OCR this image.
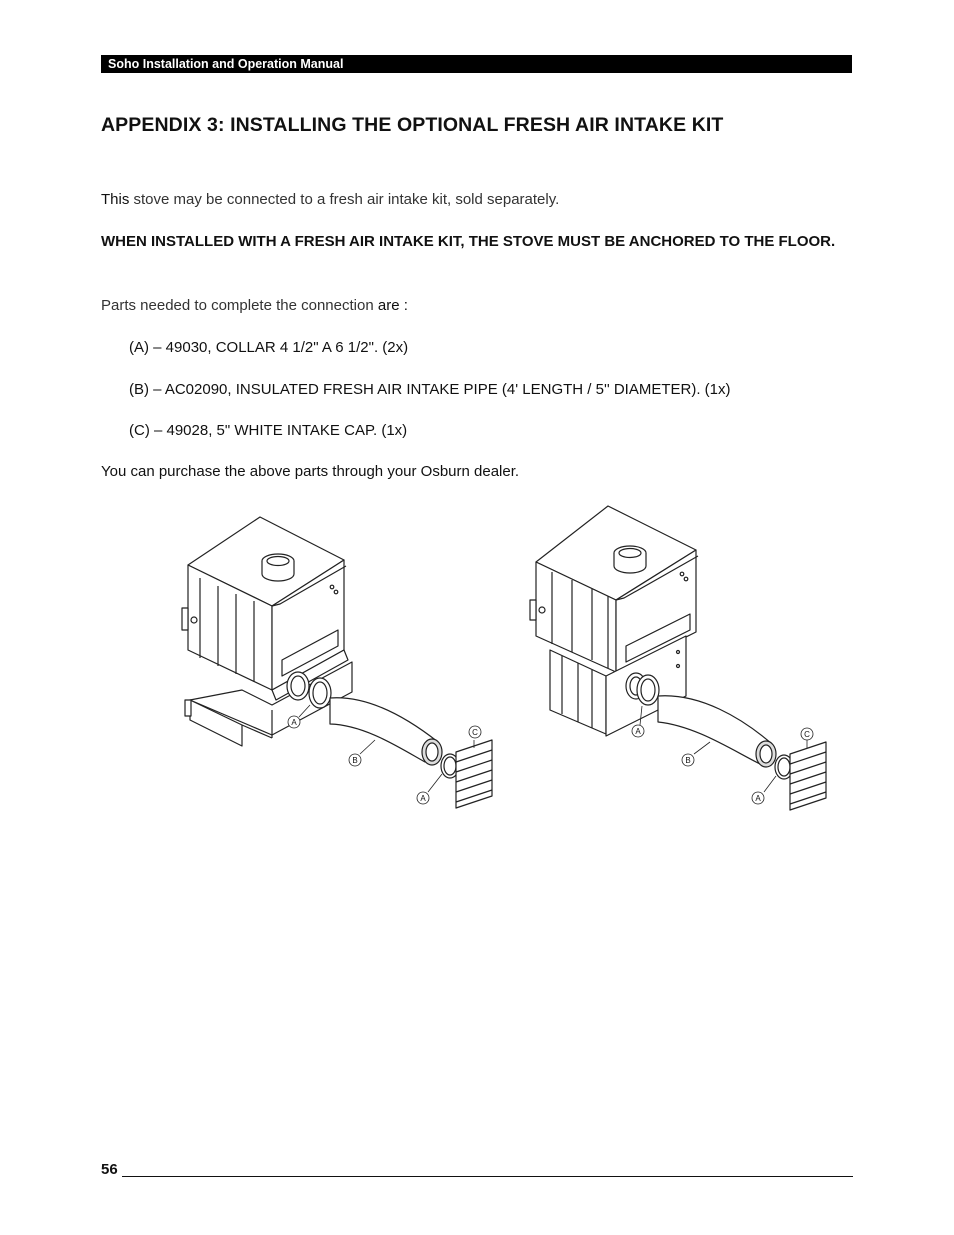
Soho Installation and Operation Manual
APPENDIX 3: INSTALLING THE OPTIONAL FRESH AIR INTAKE KIT

This stove may be connected to a fresh air intake kit, sold separately.

WHEN INSTALLED WITH A FRESH AIR INTAKE KIT, THE STOVE MUST BE ANCHORED TO THE FLOOR.

Parts needed to complete the connection are :

(A) – 49030, COLLAR 4 1/2" A 6 1/2". (2x)
(B) – AC02090, INSULATED FRESH AIR INTAKE PIPE (4' LENGTH / 5'' DIAMETER). (1x)
(C) – 49028, 5" WHITE INTAKE CAP. (1x)

You can purchase the above parts through your Osburn dealer.

A
B
C
A
A
B
C
A
56
